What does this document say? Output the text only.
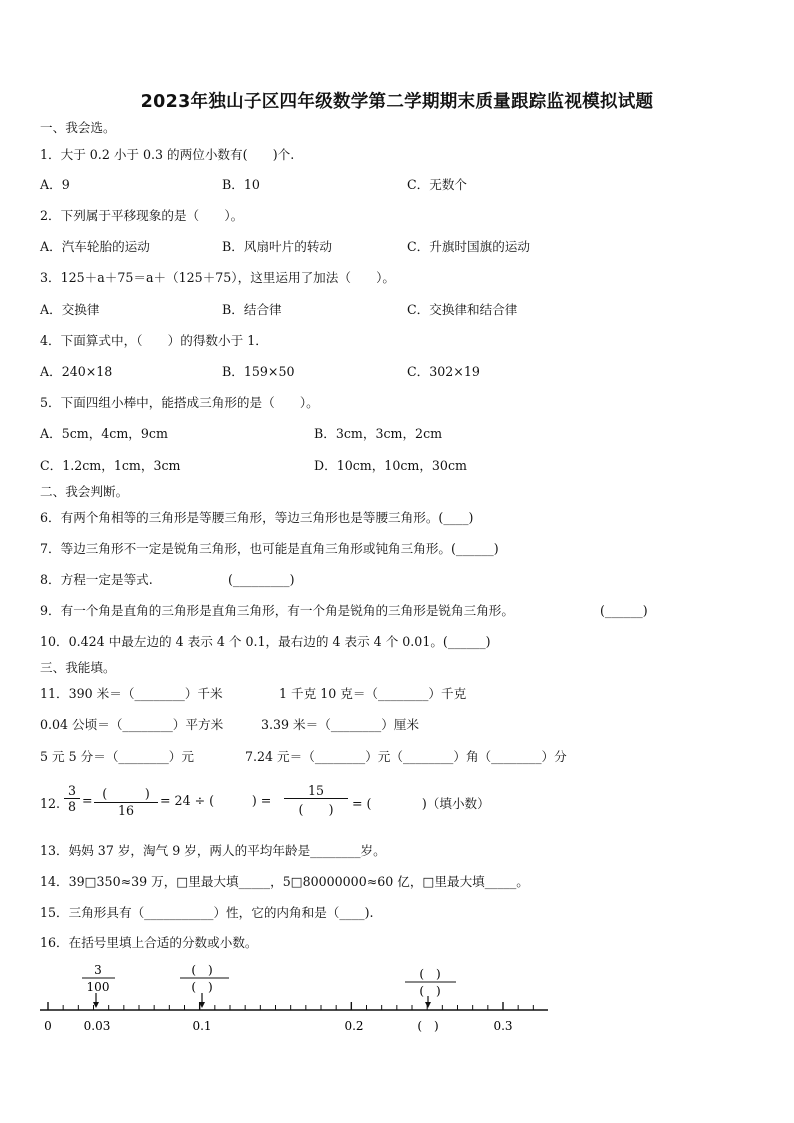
2023年独山子区四年级数学第二学期期末质量跟踪监视模拟试题
一、我会选。
1．大于 0.2 小于 0.3 的两位小数有(　　)个.
A．9	B．10	C．无数个
2．下列属于平移现象的是（　　）。
A．汽车轮胎的运动	B．风扇叶片的转动	C．升旗时国旗的运动
3．125＋a＋75＝a＋（125＋75），这里运用了加法（　　）。
A．交换律	B．结合律	C．交换律和结合律
4．下面算式中，（　　）的得数小于 1．
A．240×18	B．159×50	C．302×19
5．下面四组小棒中，能搭成三角形的是（　　）。
A．5cm，4cm，9cm	B．3cm，3cm，2cm
C．1.2cm，1cm，3cm	D．10cm，10cm，30cm
二、我会判断。
6．有两个角相等的三角形是等腰三角形，等边三角形也是等腰三角形。(____)
7．等边三角形不一定是锐角三角形，也可能是直角三角形或钝角三角形。(______)
8．方程一定是等式.	(_________)
9．有一个角是直角的三角形是直角三角形，有一个角是锐角的三角形是锐角三角形。	(______)
10．0.424 中最左边的 4 表示 4 个 0.1，最右边的 4 表示 4 个 0.01。(______)
三、我能填。
11．390 米＝（________）千米	1 千克 10 克＝（________）千克
0.04 公顷＝（________）平方米	3.39 米＝（________）厘米
5 元 5 分＝（________）元	7.24 元＝（________）元（________）角（________）分
12. $\frac{3}{8}$ = (　　　)
16
= 24 ÷ (　　　) =
15
(　　)	= (　　　　)（填小数）
13．妈妈 37 岁，淘气 9 岁，两人的平均年龄是________岁。
14．39□350≈39 万，□里最大填_____，5□80000000≈60 亿，□里最大填_____。
15．三角形具有（___________）性，它的内角和是（____).
16．在括号里填上合适的分数或小数。
3
100
(　)
(　)
(　)
(　)
0	0.03	0.1	0.2	(　)	0.3
